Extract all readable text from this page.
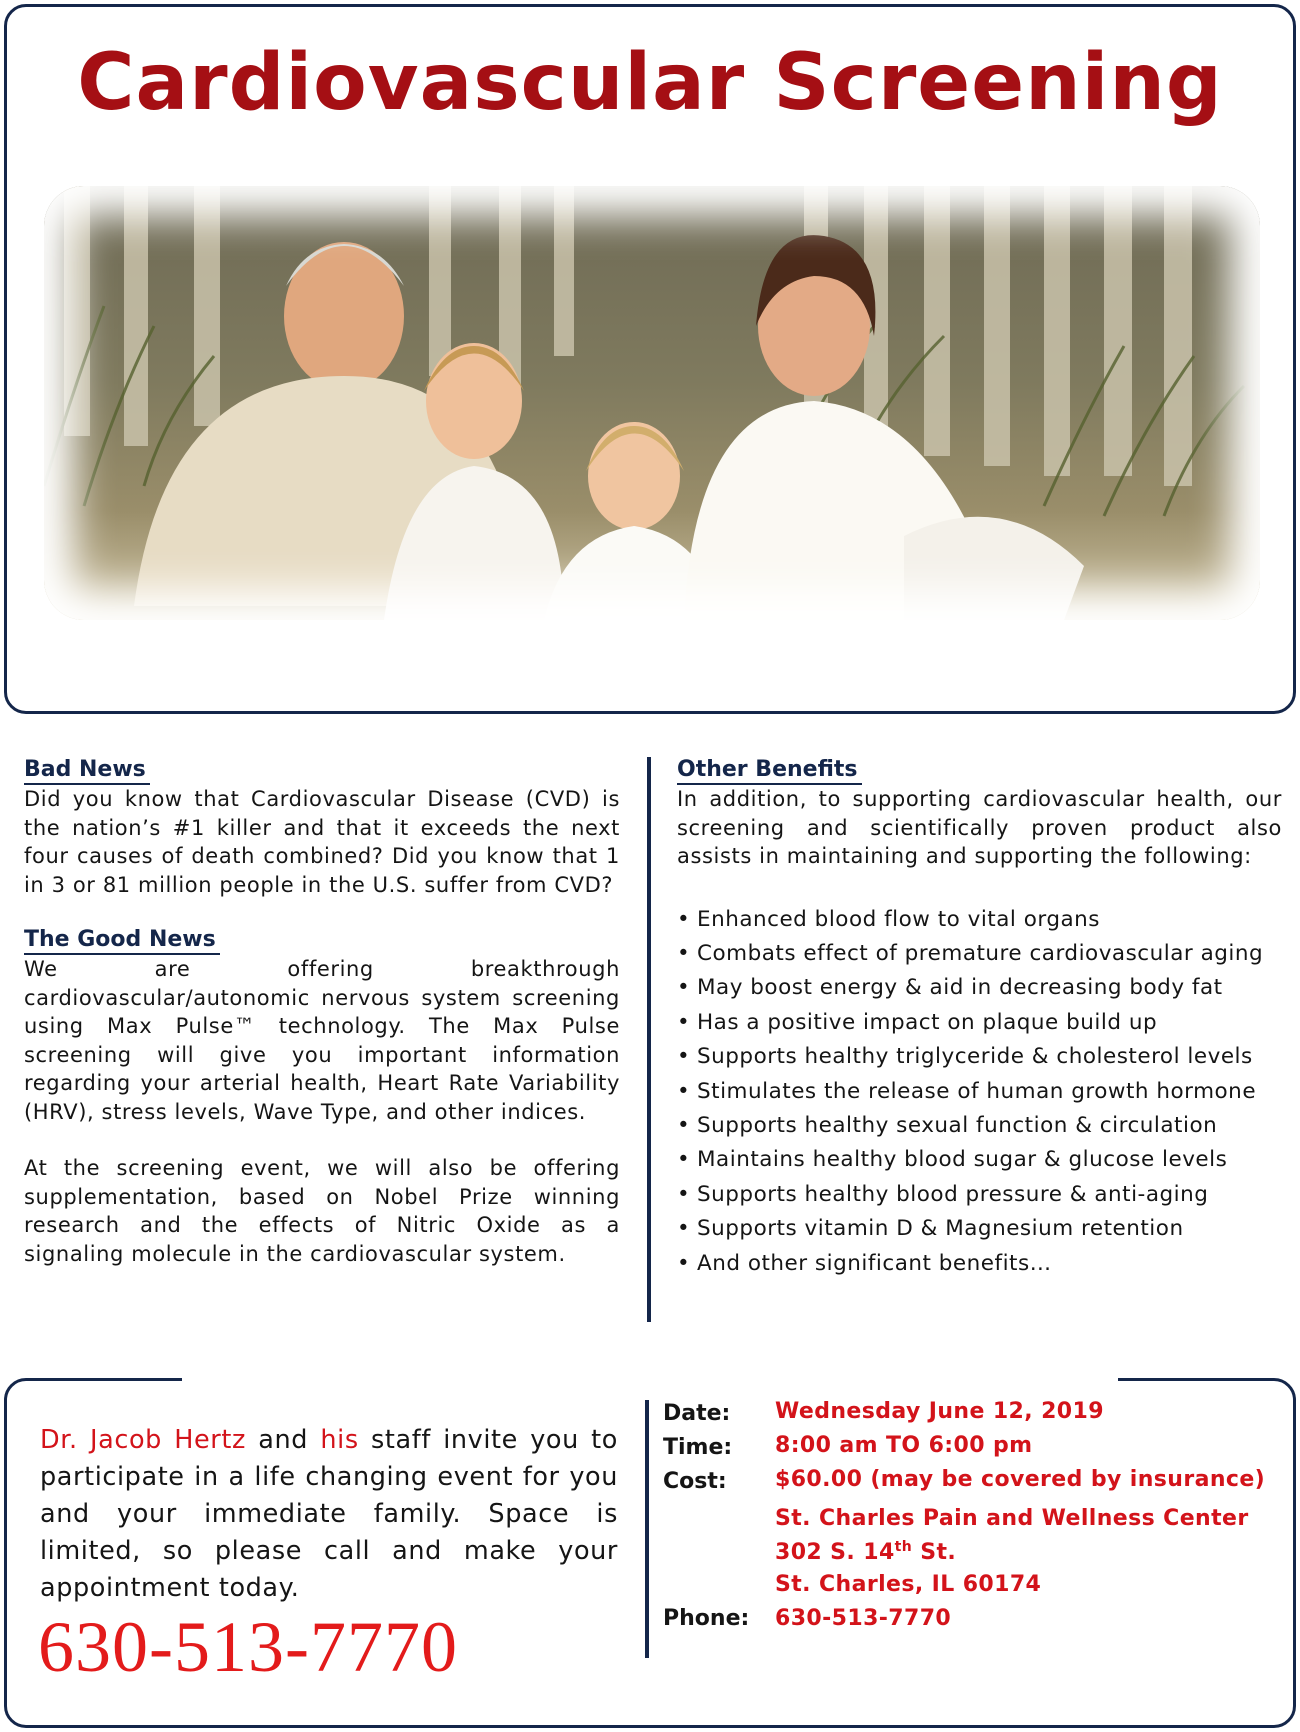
Cardiovascular Screening
Bad News

Did you know that Cardiovascular Disease (CVD) is the nation’s #1 killer and that it exceeds the next four causes of death combined? Did you know that 1 in 3 or 81 million people in the U.S. suffer from CVD?

The Good News

We are offering breakthrough cardiovascular/autonomic nervous system screening using Max Pulse™ technology. The Max Pulse screening will give you important information regarding your arterial health, Heart Rate Variability (HRV), stress levels, Wave Type, and other indices.

At the screening event, we will also be offering supplementation, based on Nobel Prize winning research and the effects of Nitric Oxide as a signaling molecule in the cardiovascular system.

Other Benefits

In addition, to supporting cardiovascular health, our screening and scientifically proven product also assists in maintaining and supporting the following:

• Enhanced blood flow to vital organs
• Combats effect of premature cardiovascular aging
• May boost energy & aid in decreasing body fat
• Has a positive impact on plaque build up
• Supports healthy triglyceride & cholesterol levels
• Stimulates the release of human growth hormone
• Supports healthy sexual function & circulation
• Maintains healthy blood sugar & glucose levels
• Supports healthy blood pressure & anti-aging
• Supports vitamin D & Magnesium retention
• And other significant benefits…

Dr. Jacob Hertz and his staff invite you to participate in a life changing event for you and your immediate family. Space is limited, so please call and make your appointment today.

630-513-7770
Date: Wednesday June 12, 2019
Time: 8:00 am TO 6:00 pm
Cost: $60.00 (may be covered by insurance)
St. Charles Pain and Wellness Center
302 S. 14th St.
St. Charles, IL 60174
Phone: 630-513-7770
